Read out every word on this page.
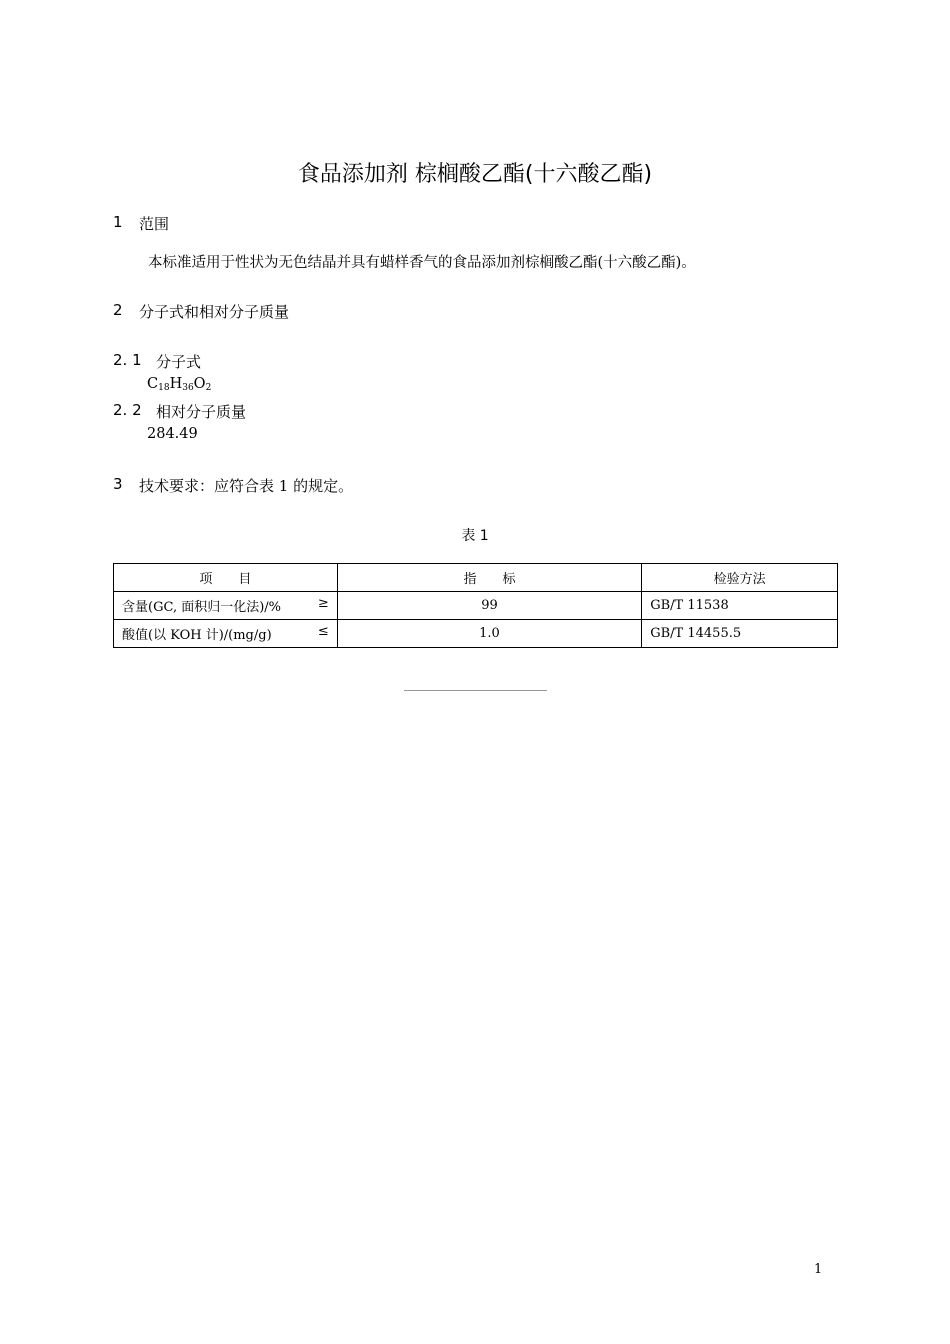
食品添加剂 棕榈酸乙酯(十六酸乙酯)
1 范围
本标准适用于性状为无色结晶并具有蜡样香气的食品添加剂棕榈酸乙酯(十六酸乙酯)。
2 分子式和相对分子质量
2. 1 分子式
$C_{18}H_{36}O_2$
2. 2 相对分子质量
284.49
3 技术要求：应符合表 1 的规定。
表 1
项　　目	指　　标	检验方法
含量(GC, 面积归一化法)/% ≥	99	GB/T 11538
酸值(以 KOH 计)/(mg/g) ≤	1.0	GB/T 14455.5
1
